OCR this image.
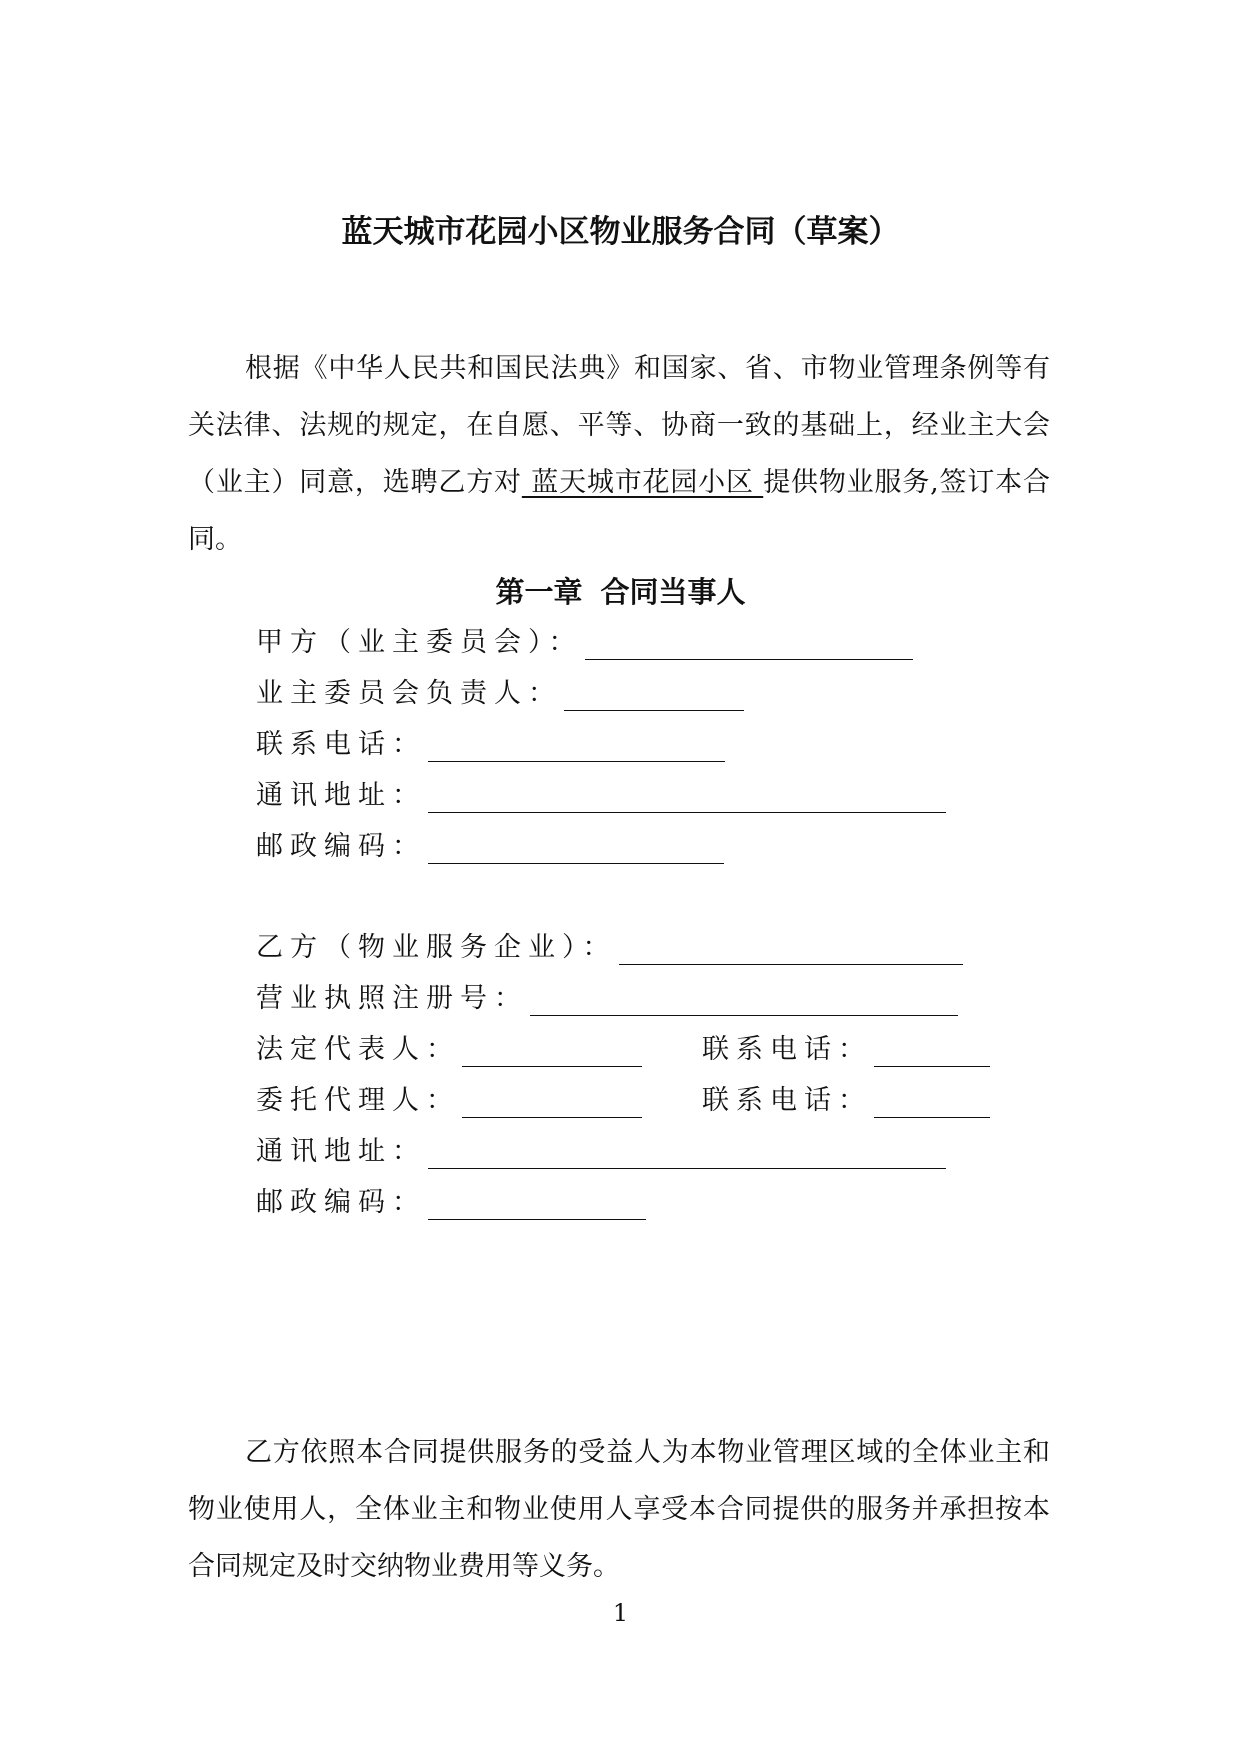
蓝天城市花园小区物业服务合同（草案）
根据《中华人民共和国民法典》和国家、省、市物业管理条例等有关法律、法规的规定，在自愿、平等、协商一致的基础上，经业主大会（业主）同意，选聘乙方对 蓝天城市花园小区 提供物业服务,签订本合同。
第一章 合同当事人
甲方（业主委员会）：
业主委员会负责人：
联系电话：
通讯地址：
邮政编码：
乙方（物业服务企业）：
营业执照注册号：
法定代表人：	联系电话：
委托代理人：	联系电话：
通讯地址：
邮政编码：
乙方依照本合同提供服务的受益人为本物业管理区域的全体业主和物业使用人，全体业主和物业使用人享受本合同提供的服务并承担按本合同规定及时交纳物业费用等义务。
1
